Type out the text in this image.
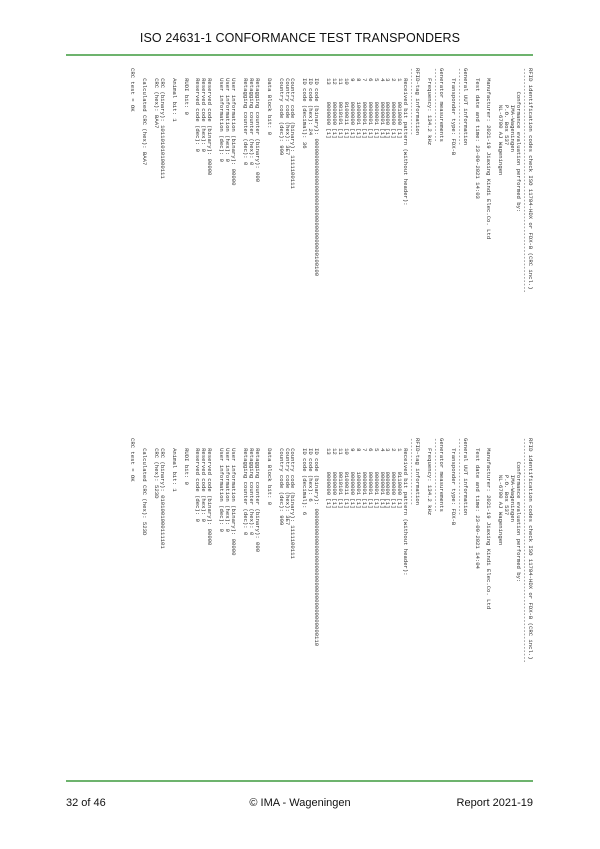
ISO 24631-1 CONFORMANCE TEST TRANSPONDERS
RFID identification codes check ISO 11784-HDX or FDX-B (CRC incl.)
-------------------------------------------------------------------
Conformance evaluation performed by:
IMA-Wageningen
P.O. Box 537
NL-6700 AJ Wageningen
Manufacturer: 2021-19 Jiaxing Kindi Elec.Co. Ltd
Test date and time: 23-09-2021 14:03
General UUT information
-----------------------
Transponder type: FDX-B
Generator measurements
----------------------
Frequency: 134.2 kHz
RFID-tag information
--------------------
Received bit pattern (without header):
1      0010000 [1]
2      0000000 [1]
3      0000000 [1]
4      0000001 [1]
5      0000001 [1]
6      0000001 [1]
7      0000001 [1]
8      1000001 [1]
9      0000000 [1]
10     0100011 [1]
11     0010101 [1]
12     0000000 [1]
13     0000000 [1]
ID code (binary): 00000000000000000000000000000000000100100
ID code (hex): 24
ID code (decimal): 36
Country code (binary): 1111100111
Country code (hex): 3E7
Country code (dec): 999
Data Block bit: 0
Retagging counter (binary): 000
Retagging counter (hex): 0
Retagging counter (dec): 0
User information (binary): 00000
User information (hex): 0
User information (dec): 0
Reserved code (binary): 00000
Reserved code (hex): 0
Reserved code (dec): 0
RUDI bit: 0
Animal bit: 1
CRC (binary): 1011010101000111
CRC (hex): BAA7
Calculated CRC (hex): BAA7
CRC test = OK
RFID identification codes check ISO 11784-HDX or FDX-B (CRC incl.)
-------------------------------------------------------------------
Conformance evaluation performed by:
IMA-Wageningen
P.O. Box 537
NL-6700 AJ Wageningen
Manufacturer: 2021-19 Jiaxing Kindi Elec.Co. Ltd
Test date and time: 23-09-2021 14:04
General UUT information
-----------------------
Transponder type: FDX-B
Generator measurements
----------------------
Frequency: 134.2 kHz
RFID-tag information
--------------------
Received bit pattern (without header):
1      0110000 [1]
2      0000000 [1]
3      0000000 [1]
4      0000001 [1]
5      0000001 [1]
6      0000001 [1]
7      0000001 [1]
8      1000001 [1]
9      0000000 [1]
10     0100011 [1]
11     0010101 [1]
12     0000000 [1]
13     0000000 [1]
ID code (binary): 00000000000000000000000000000000000000110
ID code (hex): 6
ID code (decimal): 6
Country code (binary): 1111100111
Country code (hex): 3E7
Country code (dec): 999
Data Block bit: 0
Retagging counter (binary): 000
Retagging counter (hex): 0
Retagging counter (dec): 0
User information (binary): 00000
User information (hex): 0
User information (dec): 0
Reserved code (binary): 00000
Reserved code (hex): 0
Reserved code (dec): 0
RUDI bit: 0
Animal bit: 1
CRC (binary): 0101001000111101
CRC (hex): 523D
Calculated CRC (hex): 523D
CRC test = OK
32 of 46	© IMA - Wageningen	Report 2021-19
